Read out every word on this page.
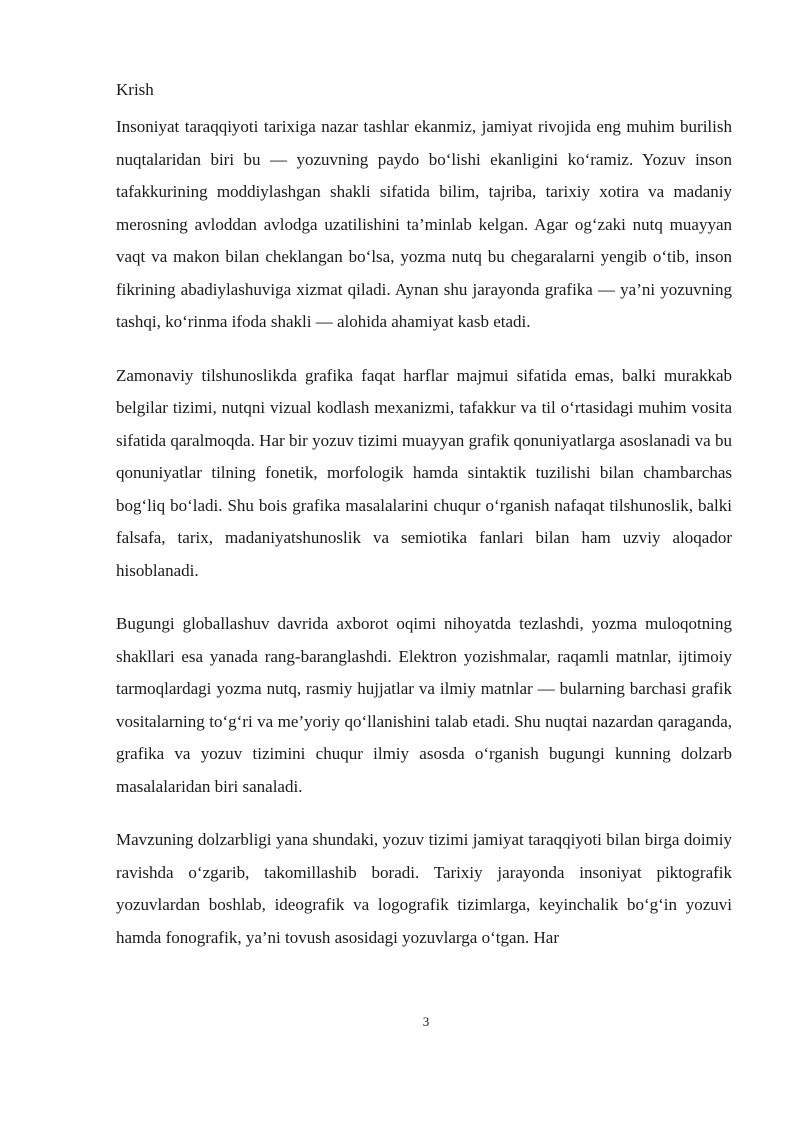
Krish

Insoniyat taraqqiyoti tarixiga nazar tashlar ekanmiz, jamiyat rivojida eng muhim burilish nuqtalaridan biri bu — yozuvning paydo bo‘lishi ekanligini ko‘ramiz. Yozuv inson tafakkurining moddiylashgan shakli sifatida bilim, tajriba, tarixiy xotira va madaniy merosning avloddan avlodga uzatilishini ta’minlab kelgan. Agar og‘zaki nutq muayyan vaqt va makon bilan cheklangan bo‘lsa, yozma nutq bu chegaralarni yengib o‘tib, inson fikrining abadiylashuviga xizmat qiladi. Aynan shu jarayonda grafika — ya’ni yozuvning tashqi, ko‘rinma ifoda shakli — alohida ahamiyat kasb etadi.

Zamonaviy tilshunoslikda grafika faqat harflar majmui sifatida emas, balki murakkab belgilar tizimi, nutqni vizual kodlash mexanizmi, tafakkur va til o‘rtasidagi muhim vosita sifatida qaralmoqda. Har bir yozuv tizimi muayyan grafik qonuniyatlarga asoslanadi va bu qonuniyatlar tilning fonetik, morfologik hamda sintaktik tuzilishi bilan chambarchas bog‘liq bo‘ladi. Shu bois grafika masalalarini chuqur o‘rganish nafaqat tilshunoslik, balki falsafa, tarix, madaniyatshunoslik va semiotika fanlari bilan ham uzviy aloqador hisoblanadi.

Bugungi globallashuv davrida axborot oqimi nihoyatda tezlashdi, yozma muloqotning shakllari esa yanada rang-baranglashdi. Elektron yozishmalar, raqamli matnlar, ijtimoiy tarmoqlardagi yozma nutq, rasmiy hujjatlar va ilmiy matnlar — bularning barchasi grafik vositalarning to‘g‘ri va me’yoriy qo‘llanishini talab etadi. Shu nuqtai nazardan qaraganda, grafika va yozuv tizimini chuqur ilmiy asosda o‘rganish bugungi kunning dolzarb masalalaridan biri sanaladi.

Mavzuning dolzarbligi yana shundaki, yozuv tizimi jamiyat taraqqiyoti bilan birga doimiy ravishda o‘zgarib, takomillashib boradi. Tarixiy jarayonda insoniyat piktografik yozuvlardan boshlab, ideografik va logografik tizimlarga, keyinchalik bo‘g‘in yozuvi hamda fonografik, ya’ni tovush asosidagi yozuvlarga o‘tgan. Har

3
